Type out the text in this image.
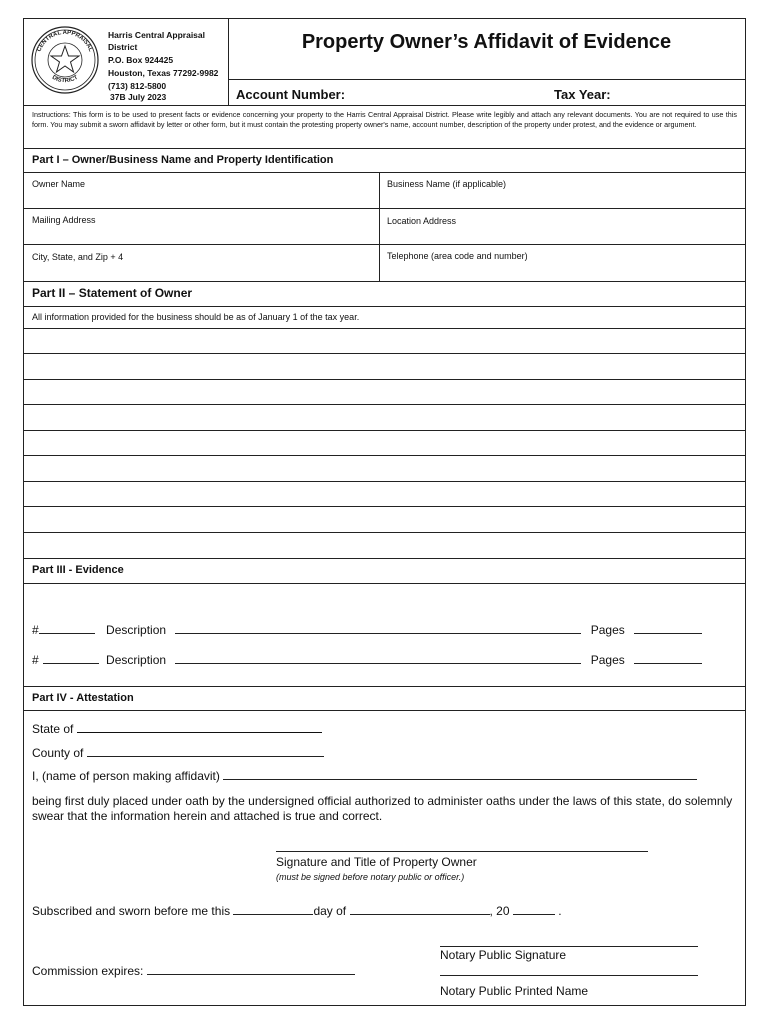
CENTRAL APPRAISAL
DISTRICT
Harris Central Appraisal District
P.O. Box 924425
Houston, Texas 77292-9982
(713) 812-5800
37B July 2023
Property Owner’s Affidavit of Evidence
Account Number:	Tax Year:
Instructions: This form is to be used to present facts or evidence concerning your property to the Harris Central Appraisal District. Please write legibly and attach any relevant documents. You are not required to use this form. You may submit a sworn affidavit by letter or other form, but it must contain the protesting property owner's name, account number, description of the property under protest, and the evidence or argument.
Part I – Owner/Business Name and Property Identification
Owner Name	Business Name (if applicable)
Mailing Address	Location Address
City, State, and Zip + 4	Telephone (area code and number)
Part II – Statement of Owner
All information provided for the business should be as of January 1 of the tax year.
Part III - Evidence
#	Description	Pages
#	Description	Pages
Part IV - Attestation
State of
County of
I, (name of person making affidavit)
being first duly placed under oath by the undersigned official authorized to administer oaths under the laws of this state, do solemnly
swear that the information herein and attached is true and correct.
Signature and Title of Property Owner
(must be signed before notary public or officer.)
Subscribed and sworn before me this	day of	, 20	.
Notary Public Signature
Commission expires:
Notary Public Printed Name
